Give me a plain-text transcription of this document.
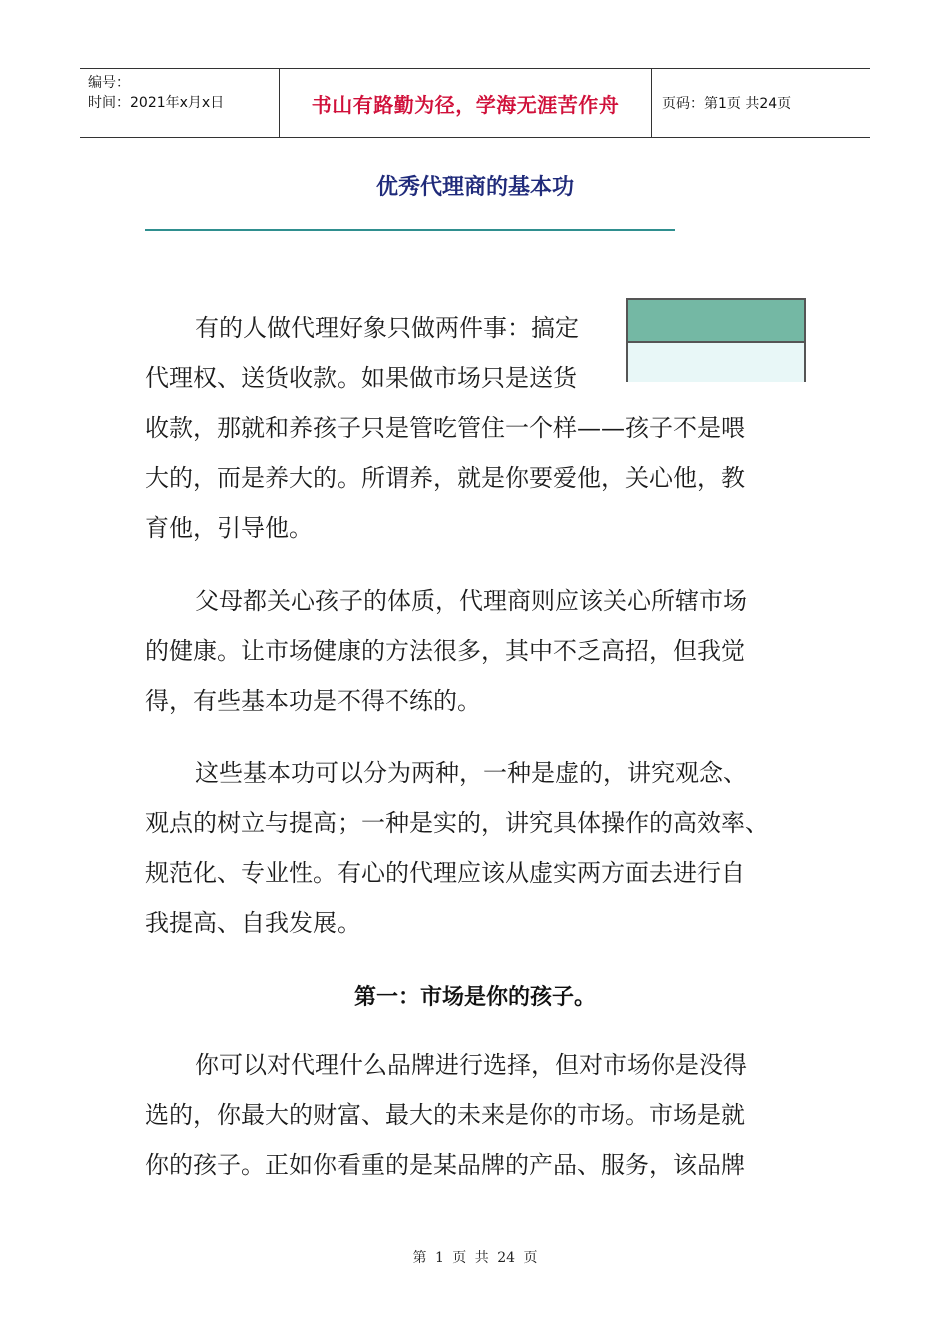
编号：
时间：2021年x月x日	书山有路勤为径，学海无涯苦作舟	页码：第1页 共24页
优秀代理商的基本功
有的人做代理好象只做两件事：搞定
代理权、送货收款。如果做市场只是送货
收款，那就和养孩子只是管吃管住一个样——孩子不是喂
大的，而是养大的。所谓养，就是你要爱他，关心他，教
育他，引导他。
父母都关心孩子的体质，代理商则应该关心所辖市场
的健康。让市场健康的方法很多，其中不乏高招，但我觉
得，有些基本功是不得不练的。
这些基本功可以分为两种，一种是虚的，讲究观念、
观点的树立与提高；一种是实的，讲究具体操作的高效率、
规范化、专业性。有心的代理应该从虚实两方面去进行自
我提高、自我发展。
第一：市场是你的孩子。
你可以对代理什么品牌进行选择，但对市场你是没得
选的，你最大的财富、最大的未来是你的市场。市场是就
你的孩子。正如你看重的是某品牌的产品、服务，该品牌
第 1 页 共 24 页
